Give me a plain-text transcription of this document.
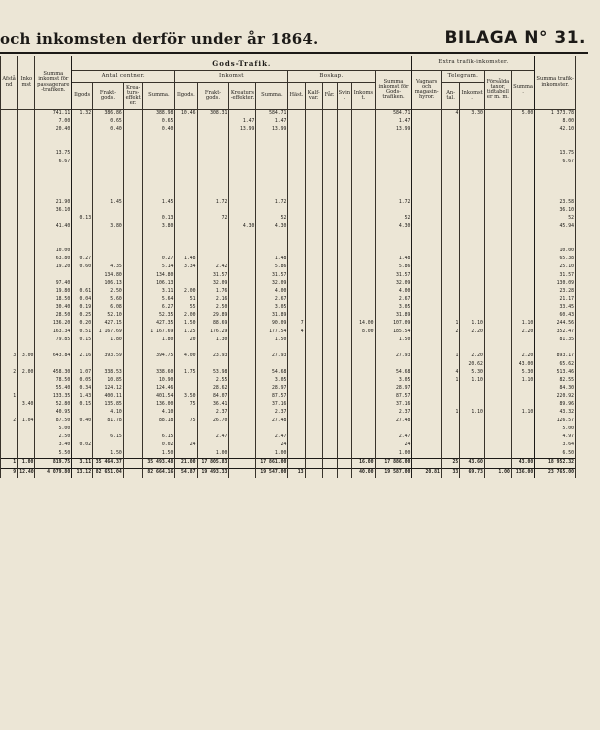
och inkomsten derför under år 1864.	BILAGA N° 31.
Afstånd	Inkomst	Summa inkomst för passagerare-trafiken.	Gods-Trafik.														Extra trafik-inkomster.					Summa trafik-inkomster.
			Antal centner.				Inkomst				Boskap.					Summa inkomst för Gods-trafiken.	Vagnars och magasin-hyror.	Telegram.		Försålda taxor, tidtabeller m. m.	Summa.	
			Ilgods	Frakt-gods.	Krea-turs-effekter.	Summa.	Ilgods.	Frakt-gods.	Kreaturs-effekter.	Summa.	Häst.	Kalf-var.	Får.	Svin.	Inkomst.			An-tal.	Inkomst.			
		741.11	1.32	386.86		388.98	10.46	308.31		584.71						584.71		4	3.30		5.00	1 373.78
		7.00		0.65		0.65			1.47	1.47						1.47						8.00
		20.40		0.40		0.40			13.99	13.99						13.99						42.10

		13.75																				13.75
		6.67																				6.67

		21.90		1.45		1.45		1.72		1.72						1.72						23.58
		36.10																				36.10
			0.13			0.13		72		52						52						52
		41.40		3.80		3.80			4.30	4.30						4.30						45.94

		10.00																				10.00
		63.80	0.27			0.27	1.48			1.48						1.48						65.38
		19.20	0.60	4.35		5.14	3.34	2.42		5.86						5.86						25.10
				134.80		134.80		31.57		31.57						31.57						31.57
		97.40		106.13		106.13		32.09		32.09						32.09						130.09
		19.80	0.61	2.50		3.11	2.00	1.76		4.00						4.00						23.28
		18.50	0.04	5.60		5.64	51	2.16		2.67						2.67						21.17
		30.40	0.19	6.08		6.27	55	2.50		3.05						3.05						33.45
		28.50	0.25	52.10		52.35	2.00	29.89		31.89						31.89						60.43
		136.20	0.20	427.15		427.35	1.50	88.69		90.09	7				14.00	107.09		1	1.10		1.10	244.56
		163.34	0.51	1 167.69		1 167.69	1.25	176.29		177.54	4				8.00	185.54		2	2.20		2.20	352.47
		79.85	0.15	1.80		1.80	20	1.30		1.50						1.50						81.35

3	3.00	643.84	2.16	393.59		394.75	4.00	23.93		27.93						27.93		1	2.20		2.20	893.17
																			20.62		43.00	65.62
2	2.00	458.30	1.07	338.53		338.60	1.75	53.98		54.68						54.68		4	5.30		5.30	513.46
		78.50	0.05	10.85		10.90		2.55		3.05						3.05		1	1.10		1.10	82.55
		55.40	0.34	124.12		124.46		28.62		28.97						28.97						84.30
1		133.35	1.43	400.11		401.54	3.50	84.07		87.57						87.57						220.92
	3.40	52.80	0.15	135.85		136.00	75	36.41		37.16						37.16						89.96
		40.95		4.10		4.10		2.37		2.37						2.37		1	1.10		1.10	43.32
2	1.04	87.50	0.40	81.78		88.18	75	26.70		27.48						27.48						126.57
		5.00																				5.00
		2.50		6.15		6.15		2.47		2.47						2.47						4.97
		3.40	0.02			0.02	24			24						24						3.64
		5.50		1.50		1.50		1.00		1.00						1.00						6.50
1	1.00	819.75	3.11	35 464.37		35 493.48	21.00	17 805.83		17 861.00					16.00	17 886.00		25	43.60		43.00	18 952.32
9	12.40	4 079.80	13.12	82 651.04		82 664.16	54.87	19 493.33		19 547.00	13				40.00	19 587.00	20.81	33	69.73	1.00	136.00	23 765.00
